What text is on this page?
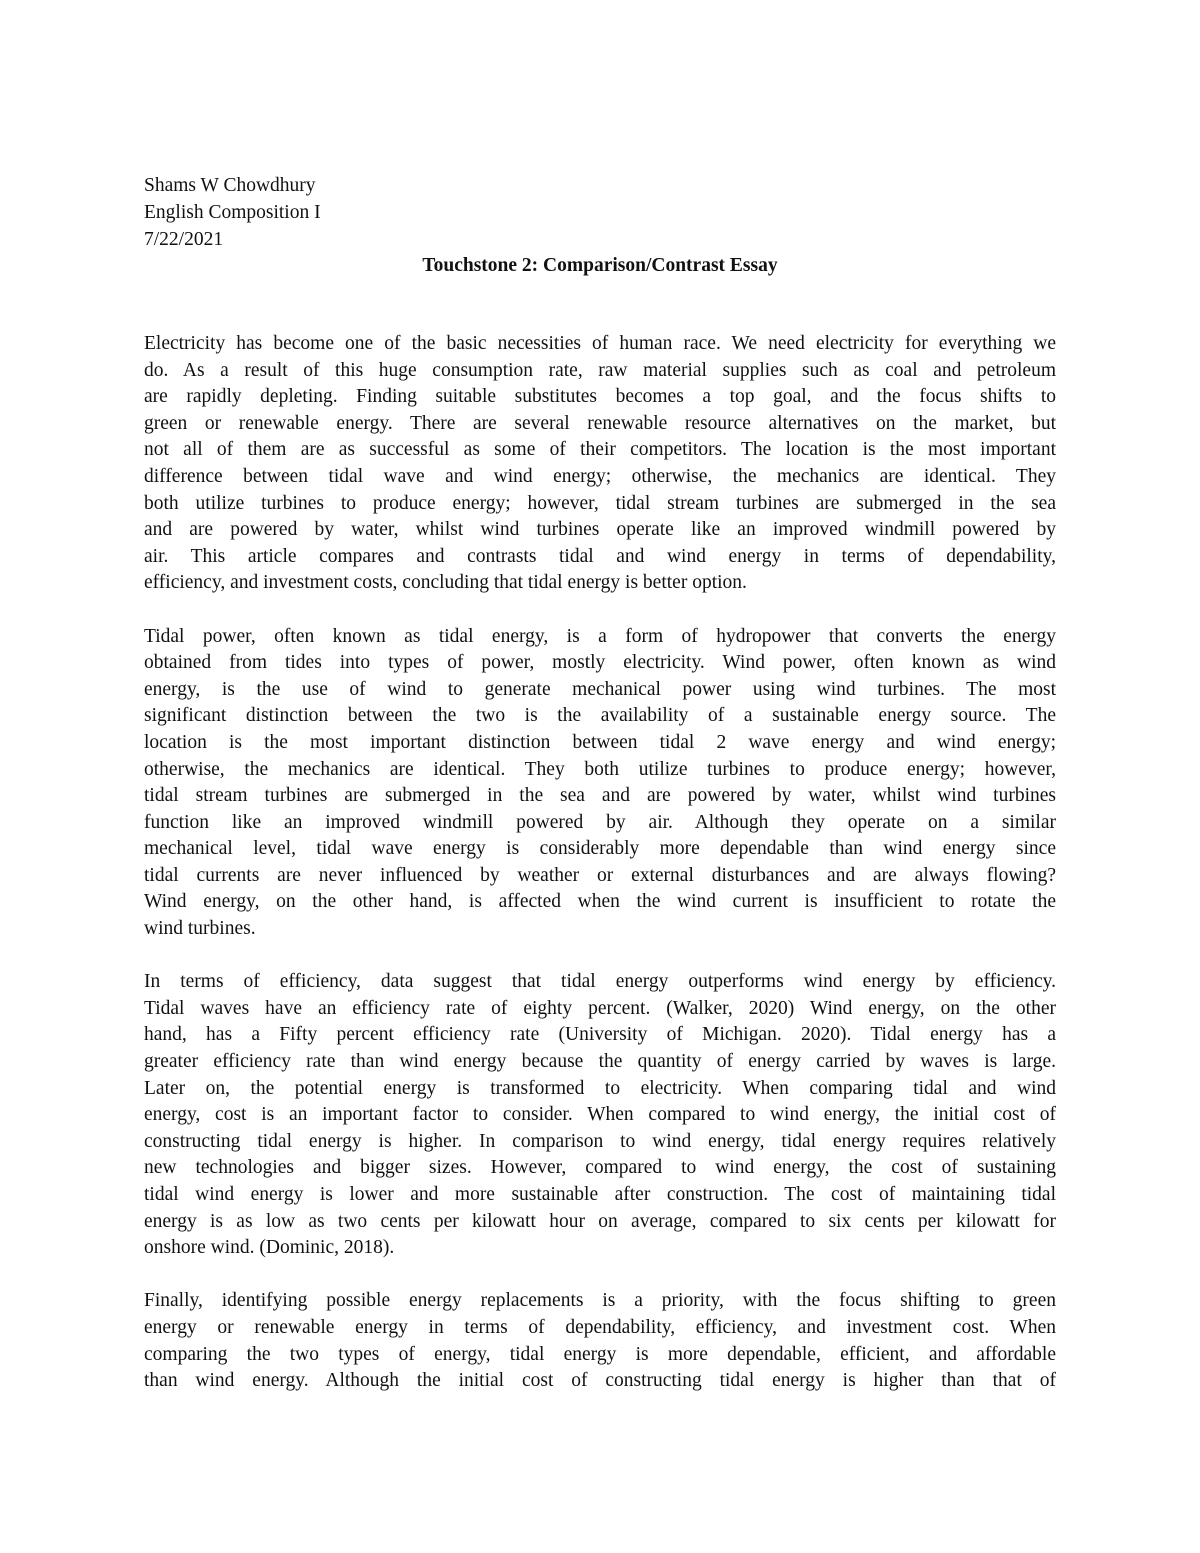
Shams W Chowdhury
English Composition I
7/22/2021
Touchstone 2: Comparison/Contrast Essay
Electricity has become one of the basic necessities of human race. We need electricity for everything we
do. As a result of this huge consumption rate, raw material supplies such as coal and petroleum
are rapidly depleting. Finding suitable substitutes becomes a top goal, and the focus shifts to
green or renewable energy. There are several renewable resource alternatives on the market, but
not all of them are as successful as some of their competitors. The location is the most important
difference between tidal wave and wind energy; otherwise, the mechanics are identical. They
both utilize turbines to produce energy; however, tidal stream turbines are submerged in the sea
and are powered by water, whilst wind turbines operate like an improved windmill powered by
air. This article compares and contrasts tidal and wind energy in terms of dependability,
efficiency, and investment costs, concluding that tidal energy is better option.
Tidal power, often known as tidal energy, is a form of hydropower that converts the energy
obtained from tides into types of power, mostly electricity. Wind power, often known as wind
energy, is the use of wind to generate mechanical power using wind turbines. The most
significant distinction between the two is the availability of a sustainable energy source. The
location is the most important distinction between tidal 2 wave energy and wind energy;
otherwise, the mechanics are identical. They both utilize turbines to produce energy; however,
tidal stream turbines are submerged in the sea and are powered by water, whilst wind turbines
function like an improved windmill powered by air. Although they operate on a similar
mechanical level, tidal wave energy is considerably more dependable than wind energy since
tidal currents are never influenced by weather or external disturbances and are always flowing?
Wind energy, on the other hand, is affected when the wind current is insufficient to rotate the
wind turbines.
In terms of efficiency, data suggest that tidal energy outperforms wind energy by efficiency.
Tidal waves have an efficiency rate of eighty percent. (Walker, 2020) Wind energy, on the other
hand, has a Fifty percent efficiency rate (University of Michigan. 2020). Tidal energy has a
greater efficiency rate than wind energy because the quantity of energy carried by waves is large.
Later on, the potential energy is transformed to electricity. When comparing tidal and wind
energy, cost is an important factor to consider. When compared to wind energy, the initial cost of
constructing tidal energy is higher. In comparison to wind energy, tidal energy requires relatively
new technologies and bigger sizes. However, compared to wind energy, the cost of sustaining
tidal wind energy is lower and more sustainable after construction. The cost of maintaining tidal
energy is as low as two cents per kilowatt hour on average, compared to six cents per kilowatt for
onshore wind. (Dominic, 2018).
Finally, identifying possible energy replacements is a priority, with the focus shifting to green
energy or renewable energy in terms of dependability, efficiency, and investment cost. When
comparing the two types of energy, tidal energy is more dependable, efficient, and affordable
than wind energy. Although the initial cost of constructing tidal energy is higher than that of
